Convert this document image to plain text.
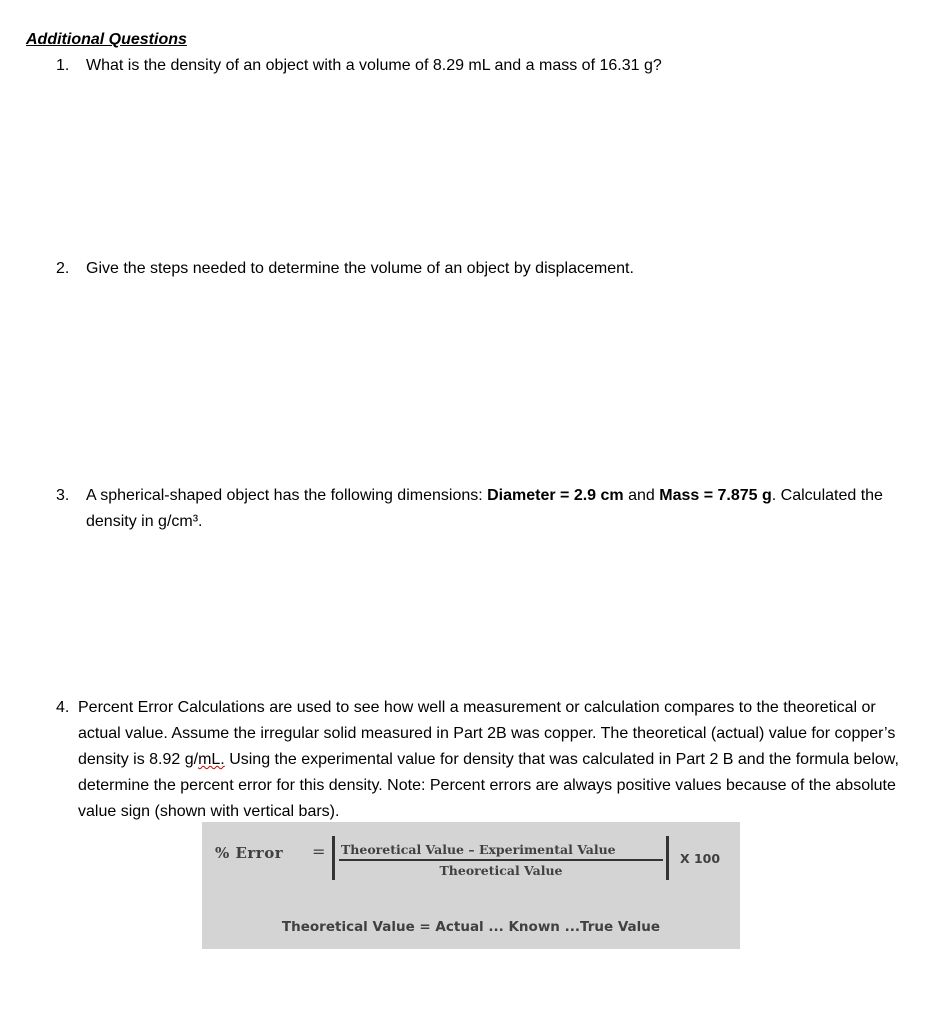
Additional Questions
1. What is the density of an object with a volume of 8.29 mL and a mass of 16.31 g?
2. Give the steps needed to determine the volume of an object by displacement.
3. A spherical-shaped object has the following dimensions: Diameter = 2.9 cm and Mass = 7.875 g. Calculated the density in g/cm³.
4. Percent Error Calculations are used to see how well a measurement or calculation compares to the theoretical or actual value. Assume the irregular solid measured in Part 2B was copper. The theoretical (actual) value for copper’s density is 8.92 g/mL. Using the experimental value for density that was calculated in Part 2 B and the formula below, determine the percent error for this density. Note: Percent errors are always positive values because of the absolute value sign (shown with vertical bars).
% Error = Theoretical Value – Experimental Value
Theoretical Value
X 100
Theoretical Value = Actual ... Known ...True Value
